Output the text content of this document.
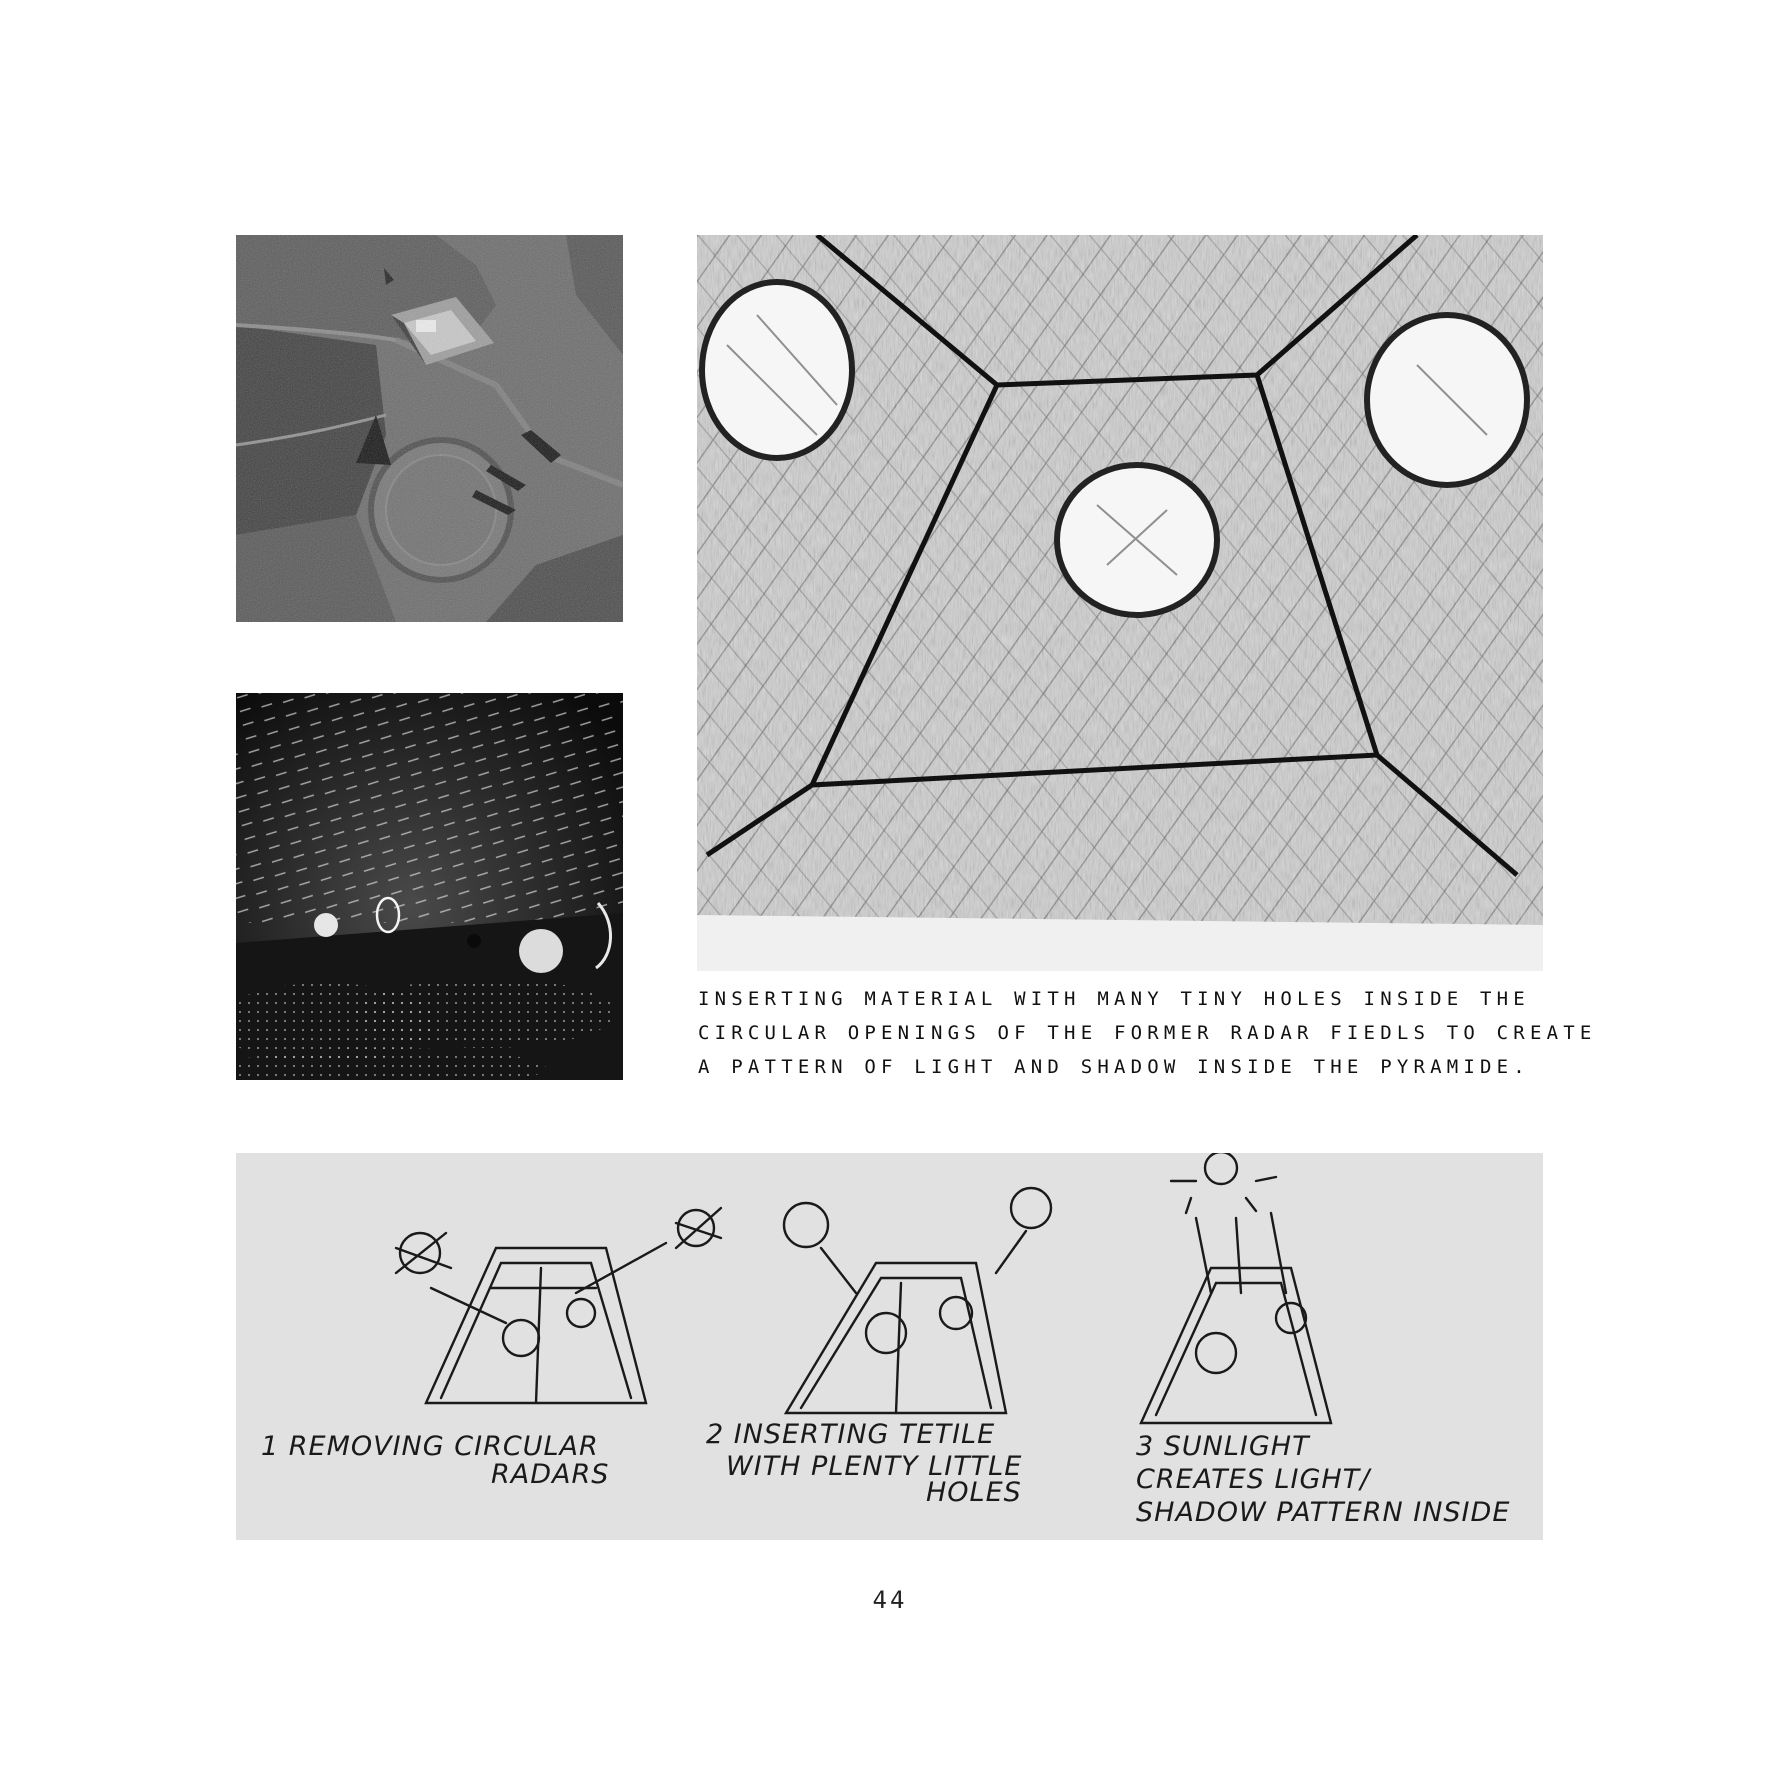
INSERTING MATERIAL WITH MANY TINY HOLES INSIDE THE
CIRCULAR OPENINGS OF THE FORMER RADAR FIEDLS TO CREATE
A PATTERN OF LIGHT AND SHADOW INSIDE THE PYRAMIDE.

1 REMOVING CIRCULAR
RADARS
2 INSERTING TETILE
WITH PLENTY LITTLE
HOLES
3 SUNLIGHT
CREATES LIGHT/
SHADOW PATTERN INSIDE
44
